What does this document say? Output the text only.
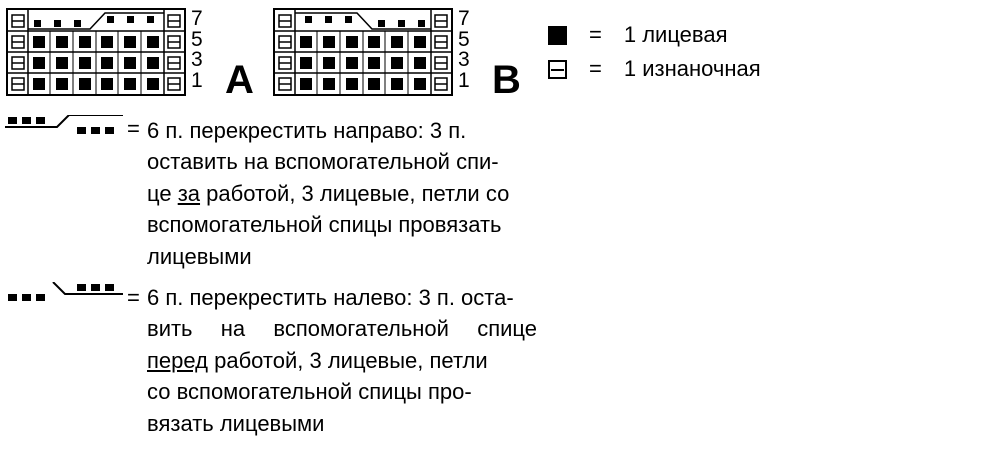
7
5
3
1 A
7
5
3
1 B
= 1 лицевая
= 1 изнаночная
= 6 п. перекрестить направо: 3 п.
оставить на вспомогательной спи-
це за работой, 3 лицевые, петли со
вспомогательной спицы провязать
лицевыми
= 6 п. перекрестить налево: 3 п. оста-
вить на вспомогательной спице
перед работой, 3 лицевые, петли
со вспомогательной спицы про-
вязать лицевыми
